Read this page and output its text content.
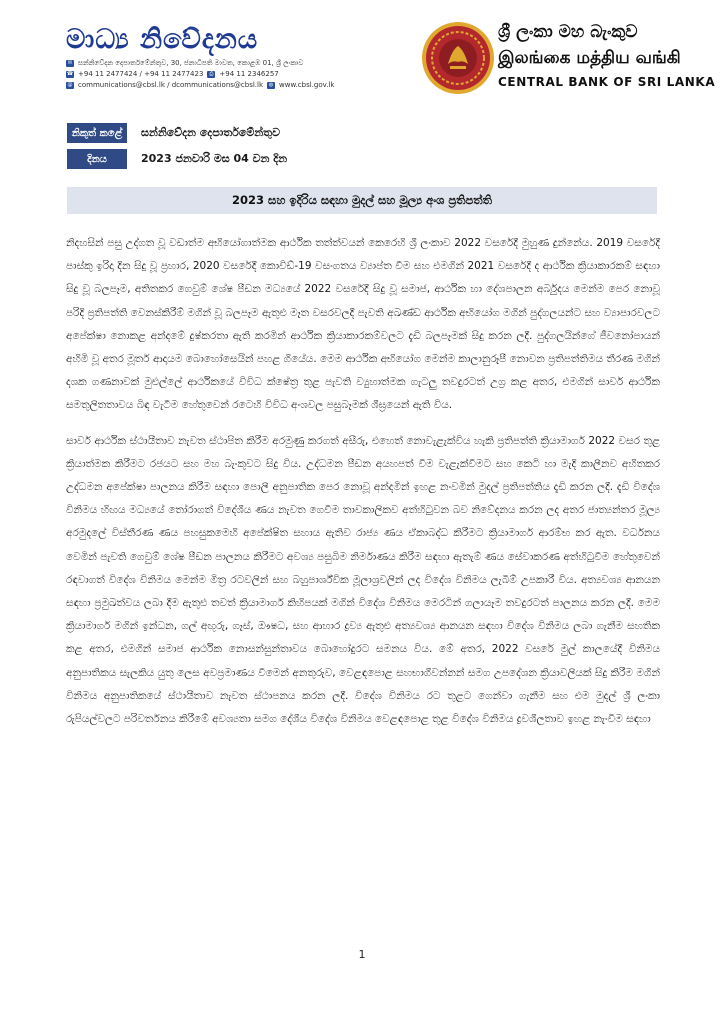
මාධ්‍ය නිවේදනය
✉ සන්නිවේදන දෙපාර්තමේන්තුව, 30, ජනාධිපති මාවත, කොළඹ 01, ශ්‍රී ලංකාව
☎ +94 11 2477424 / +94 11 2477423	⎙ +94 11 2346257
@ communications@cbsl.lk / dcommunications@cbsl.lk	◍ www.cbsl.gov.lk
ශ්‍රී ලංකා මහ බැංකුව
இலங்கை மத்திய வங்கி
CENTRAL BANK OF SRI LANKA
නිකුත් කළේ	සන්නිවේදන දෙපාර්තමේන්තුව
දිනය	2023 ජනවාරි මස 04 වන දින
2023 සහ ඉදිරිය සඳහා මුදල් සහ මූල්‍ය අංශ ප්‍රතිපත්ති

නිදහසින් පසු උද්ගත වූ වඩාත්ම අභියෝගාත්මක ආර්ථික තත්ත්වයන් කෙරෙහි ශ්‍රී ලංකාව 2022 වසරේදී මුහුණ දුන්නේය. 2019 වසරේදී පාස්කු ඉරිදා දින සිදු වූ ප්‍රහාර, 2020 වසරේදී කොවිඩ්-19 වසංගතය ව්‍යාප්ත වීම සහ එමගින් 2021 වසරේදී ද ආර්ථික ක්‍රියාකාරකම් සඳහා සිදු වූ බලපෑම, අතිතකර ගෙවුම් ශේෂ පීඩන මධ්‍යයේ 2022 වසරේදී සිදු වූ සමාජ, ආර්ථික හා දේශපාලන අර්බුදය මෙන්ම පෙර නොවූ පරිදි ප්‍රතිපත්ති වෙනස්කිරීම් මගින් වූ බලපෑම ඇතුළු මෑත වසරවලදී පැවති අඛණ්ඩ ආර්ථික අභියෝග මගින් පුද්ගලයන්ට සහ ව්‍යාපාරවලට අපේක්ෂා නොකළ අන්දමේ දුෂ්කරතා ඇති කරමින් ආර්ථික ක්‍රියාකාරකම්වලට දැඩි බලපෑමක් සිදු කරන ලදී. පුද්ගලයින්ගේ ජීවනෝපායන් අහිමි වූ අතර මූර්ත ආදායම බොහෝසෙයින් පහළ ගියේය. මෙම ආර්ථික අභියෝග මෙන්ම කාලානුරූපී නොවන ප්‍රතිපත්තිමය තීරණ මගින් දශක ගණනාවක් මුළුල්ලේ ආර්ථිකයේ විවිධ ක්ෂේත්‍ර තුළ පැවති ව්‍යුහාත්මක ගැටලු තවදුරටත් උග්‍ර කළ අතර, එමගින් සාර්ව ආර්ථික සමතුලිතතාවය බිඳ වැටීම හේතුවෙන් රටෙහි විවිධ අංශවල පසුබෑමක් ශීඝ්‍රයෙන් ඇති විය.

සාර්ව ආර්ථික ස්ථායීතාව නැවත ස්ථාපිත කිරීම අරමුණු කරගත් අසීරු, එහෙත් නොවැළැක්විය හැකි ප්‍රතිපත්ති ක්‍රියාමාර්ග 2022 වසර තුළ ක්‍රියාත්මක කිරීමට රජයට සහ මහ බැංකුවට සිදු විය. උද්ධමන පීඩන අයහපත් වීම වැළැක්වීමට සහ කෙටි හා මැදි කාලීනව අහිතකර උද්ධමන අපේක්ෂා පාලනය කිරීම සඳහා පොලී අනුපාතික පෙර නොවූ අන්දමින් ඉහළ නංවමින් මුදල් ප්‍රතිපත්තිය දැඩි කරන ලදී. දැඩි විදේශ විනිමය හිඟය මධ්‍යයේ තෝරාගත් විදේශීය ණය නැවත ගෙවීම තාවකාලිකව අත්හිටුවන බව නිවේදනය කරන ලද අතර ජාත්‍යන්තර මූල්‍ය අරමුදලේ විස්තීරණ ණය පහසුකමෙහි අපේක්ෂිත සහාය ඇතිව රාජ්‍ය ණය ඒකාබද්ධ කිරීමට ක්‍රියාමාර්ග ආරම්භ කර ඇත. වර්ධනය වෙමින් පැවති ගෙවුම් ශේෂ පීඩන පාලනය කිරීමට අවශ්‍ය පසුබිම නිර්මාණය කිරීම සඳහා ඇතැම් ණය සේවාකරණ අත්හිටුවීම හේතුවෙන් රඳවාගත් විදේශ විනිමය මෙන්ම මිත්‍ර රටවලින් සහ බහුපාර්ශ්වික මූලාශ්‍රවලින් ලද විදේශ විනිමය ලැබීම් උපකාරී විය. අත්‍යවශ්‍ය ආනයන සඳහා ප්‍රමුඛත්වය ලබා දීම ඇතුළු තවත් ක්‍රියාමාර්ග කිහිපයක් මගින් විදේශ විනිමය මෙරටින් ගලායෑම තවදුරටත් පාලනය කරන ලදී. මෙම ක්‍රියාමාර්ග මගින් ඉන්ධන, ගල් අඟුරු, ගෑස්, ඖෂධ, සහ ආහාර ද්‍රව්‍ය ඇතුළු අත්‍යවශ්‍ය ආනයන සඳහා විදේශ විනිමය ලබා ගැනීම සහතික කළ අතර, එමගින් සමාජ ආර්ථික නොසන්සුන්තාවය බොහෝදුරට සමනය විය. මේ අතර, 2022 වසරේ මුල් කාලයේදී විනිමය අනුපාතිකය සැලකිය යුතු ලෙස අවප්‍රමාණය වීමෙන් අනතුරුව, වෙළඳපොළ සහභාගීවන්නන් සමග උපදේශන ක්‍රියාවලියක් සිදු කිරීම මගින් විනිමය අනුපාතිකයේ ස්ථායීතාව නැවත ස්ථාපනය කරන ලදී. විදේශ විනිමය රට තුළට ගෙන්වා ගැනීම සහ එම මුදල් ශ්‍රී ලංකා රුපියල්වලට පරිවර්තනය කිරීමේ අවශ්‍යතා සමග දේශීය විදේශ විනිමය වෙළඳපොළ තුළ විදේශ විනිමය ද්‍රවශීලතාව ඉහළ නැංවීම සඳහා

1
